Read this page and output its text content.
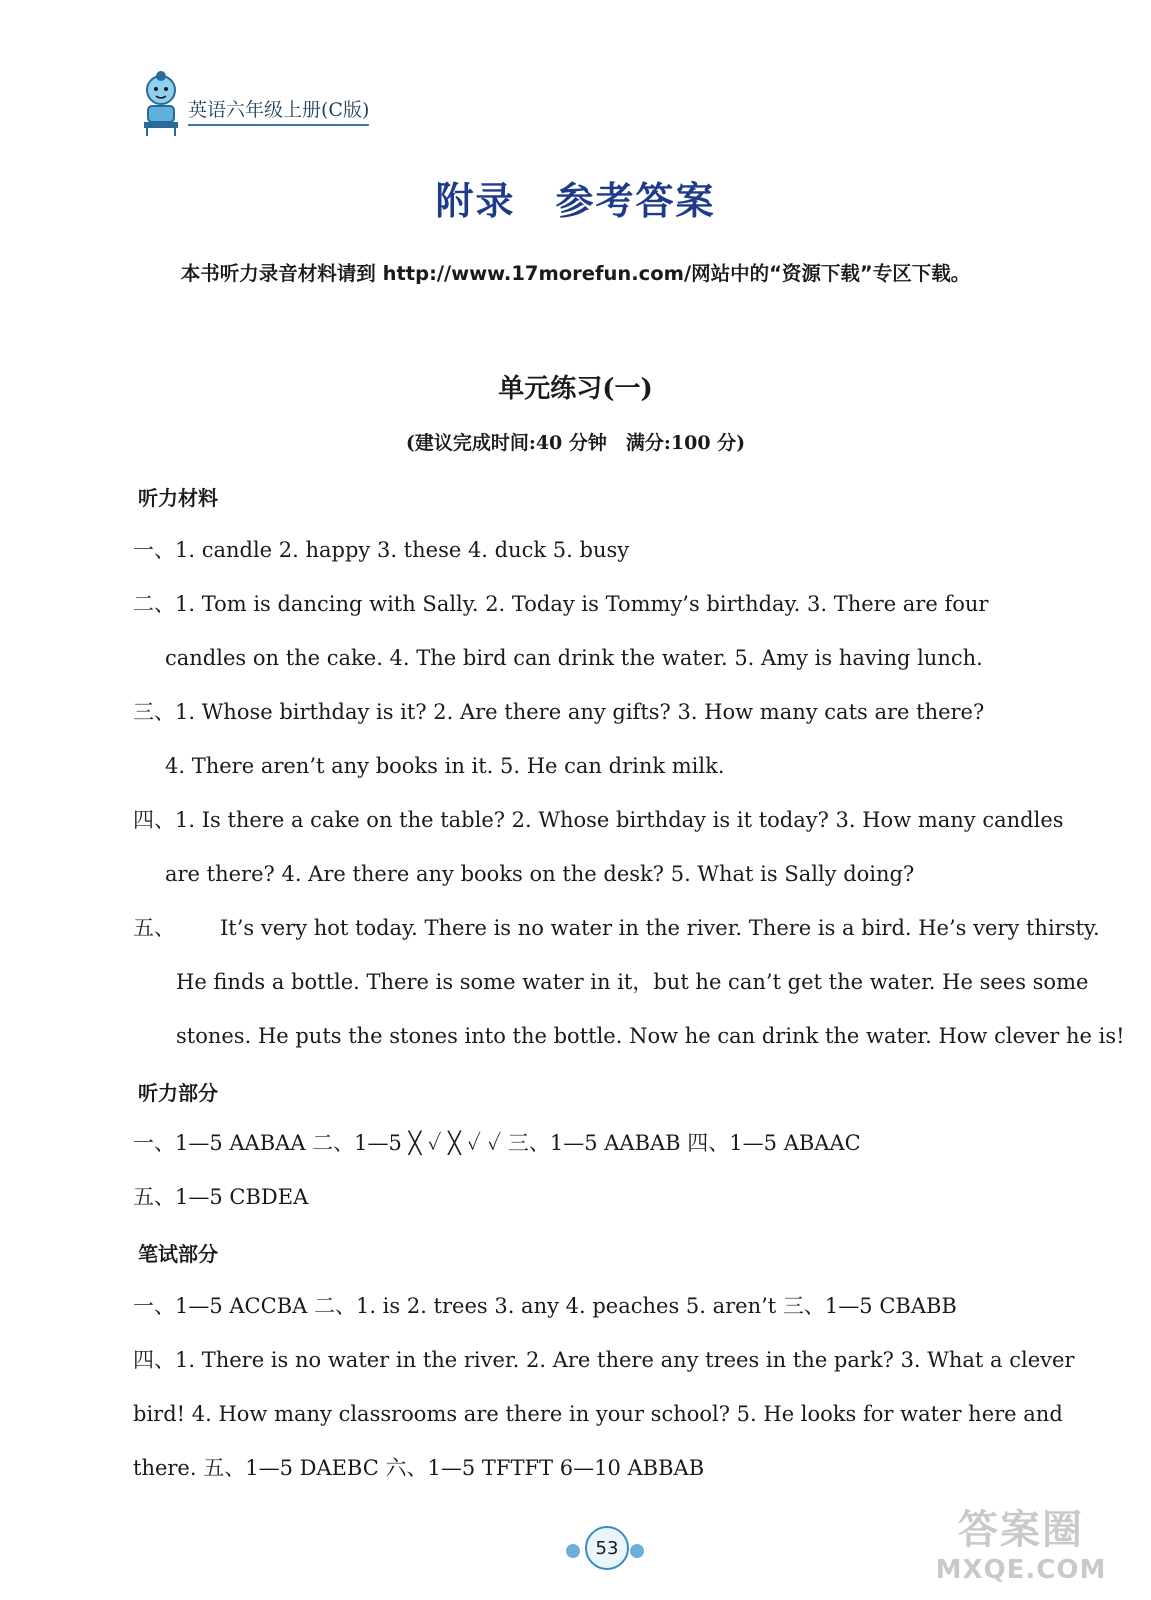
英语六年级上册(C版)
附录　参考答案
本书听力录音材料请到 http://www.17morefun.com/网站中的“资源下载”专区下载。
单元练习(一)
(建议完成时间:40 分钟　满分:100 分)
听力材料
一、1. candle 2. happy 3. these 4. duck 5. busy
二、1. Tom is dancing with Sally. 2. Today is Tommy’s birthday. 3. There are four
candles on the cake. 4. The bird can drink the water. 5. Amy is having lunch.
三、1. Whose birthday is it? 2. Are there any gifts? 3. How many cats are there?
4. There aren’t any books in it. 5. He can drink milk.
四、1. Is there a cake on the table? 2. Whose birthday is it today? 3. How many candles
are there? 4. Are there any books on the desk? 5. What is Sally doing?
五、	It’s very hot today. There is no water in the river. There is a bird. He’s very thirsty.
He finds a bottle. There is some water in it，but he can’t get the water. He sees some
stones. He puts the stones into the bottle. Now he can drink the water. How clever he is!
听力部分
一、1—5 AABAA 二、1—5 ╳ ✓ ╳ ✓ ✓ 三、1—5 AABAB 四、1—5 ABAAC
五、1—5 CBDEA
笔试部分
一、1—5 ACCBA 二、1. is 2. trees 3. any 4. peaches 5. aren’t 三、1—5 CBABB
四、1. There is no water in the river. 2. Are there any trees in the park? 3. What a clever
bird! 4. How many classrooms are there in your school? 5. He looks for water here and
there. 五、1—5 DAEBC 六、1—5 TFTFT 6—10 ABBAB
53	答案圈
MXQE.COM
